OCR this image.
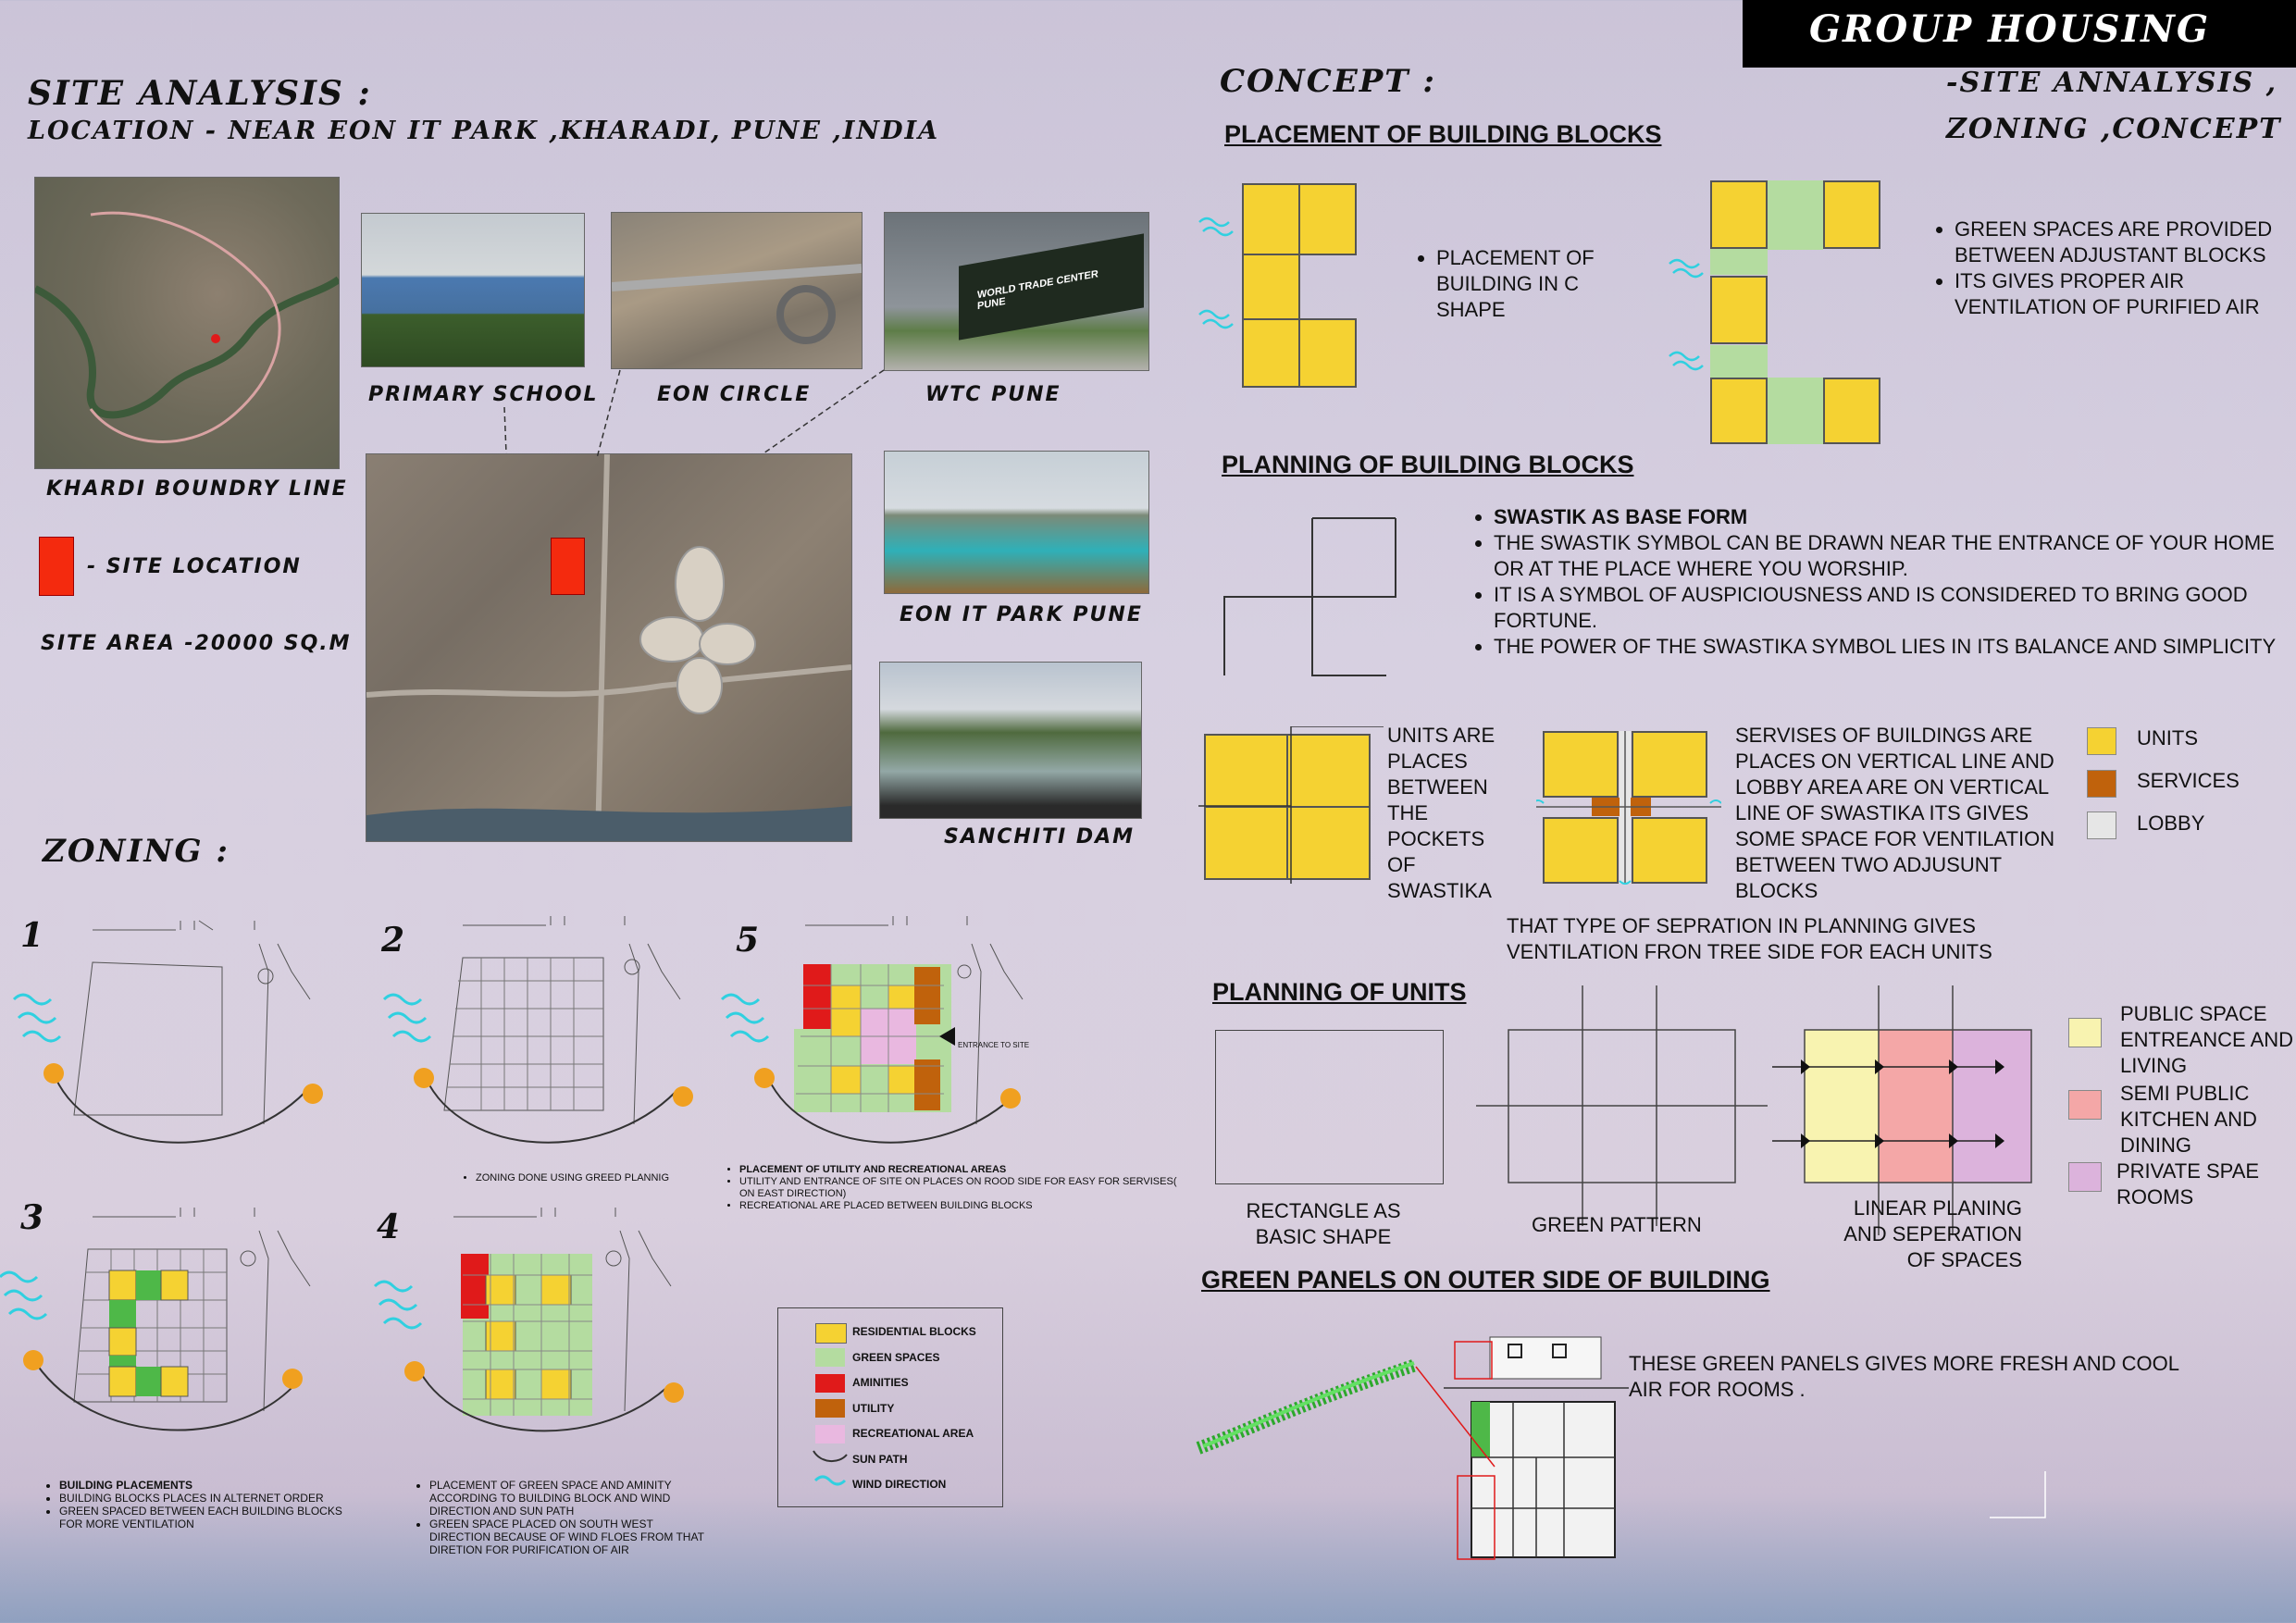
GROUP HOUSING
-SITE ANNALYSIS ,
ZONING ,CONCEPT
SITE ANALYSIS :
LOCATION - NEAR EON IT PARK ,KHARADI, PUNE ,INDIA
KHARDI BOUNDRY LINE
- SITE LOCATION
SITE AREA -20000 SQ.M
PRIMARY SCHOOL	EON CIRCLE
WORLD TRADE CENTER PUNE
WTC PUNE
EON IT PARK PUNE
SANCHITI DAM
ZONING :
1	2
• ZONING DONE USING GREED PLANNIG
5
ENTRANCE TO SITE
• PLACEMENT OF UTILITY AND RECREATIONAL AREAS
• UTILITY AND ENTRANCE OF SITE ON PLACES ON ROOD SIDE FOR EASY FOR SERVISES( ON EAST DIRECTION)
• RECREATIONAL ARE PLACED BETWEEN BUILDING BLOCKS
3
• BUILDING PLACEMENTS
• BUILDING BLOCKS PLACES IN ALTERNET ORDER
• GREEN SPACED BETWEEN EACH BUILDING BLOCKS FOR MORE VENTILATION
4
• PLACEMENT OF GREEN SPACE AND AMINITY ACCORDING TO BUILDING BLOCK AND WIND DIRECTION AND SUN PATH
• GREEN SPACE PLACED ON SOUTH WEST DIRECTION BECAUSE OF WIND FLOES FROM THAT DIRETION FOR PURIFICATION OF AIR
RESIDENTIAL BLOCKS
GREEN SPACES
AMINITIES
UTILITY
RECREATIONAL AREA
SUN PATH
WIND DIRECTION
CONCEPT :
PLACEMENT OF BUILDING BLOCKS
• PLACEMENT OF BUILDING IN C SHAPE
• GREEN SPACES ARE PROVIDED BETWEEN ADJUSTANT BLOCKS
• ITS GIVES PROPER AIR VENTILATION OF PURIFIED AIR
PLANNING OF BUILDING BLOCKS
• SWASTIK AS BASE FORM
• THE SWASTIK SYMBOL CAN BE DRAWN NEAR THE ENTRANCE OF YOUR HOME OR AT THE PLACE WHERE YOU WORSHIP.
• IT IS A SYMBOL OF AUSPICIOUSNESS AND IS CONSIDERED TO BRING GOOD FORTUNE.
• THE POWER OF THE SWASTIKA SYMBOL LIES IN ITS BALANCE AND SIMPLICITY
UNITS ARE PLACES BETWEEN THE POCKETS OF SWASTIKA
SERVISES OF BUILDINGS ARE PLACES ON VERTICAL LINE AND LOBBY AREA ARE ON VERTICAL LINE OF SWASTIKA ITS GIVES SOME SPACE FOR VENTILATION BETWEEN TWO ADJUSUNT BLOCKS
UNITS
SERVICES
LOBBY
THAT TYPE OF SEPRATION IN PLANNING GIVES VENTILATION FRON TREE SIDE FOR EACH UNITS
PLANNING OF UNITS
RECTANGLE AS BASIC SHAPE
GREEN PATTERN
LINEAR PLANING AND SEPERATION OF SPACES
PUBLIC SPACE ENTREANCE AND LIVING
SEMI PUBLIC KITCHEN AND DINING
PRIVATE SPAE ROOMS
GREEN PANELS ON OUTER SIDE OF BUILDING
THESE GREEN PANELS GIVES MORE FRESH AND COOL AIR FOR ROOMS .
